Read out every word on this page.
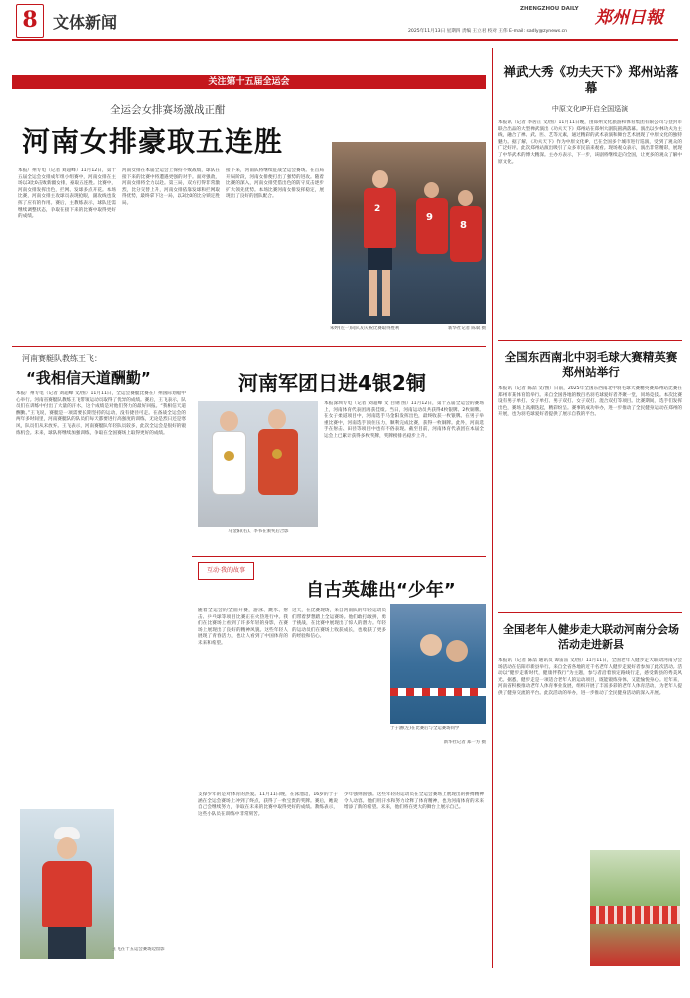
8 文体新闻
ZHENGZHOU DAILY 郑州日報
2025年11月13日 星期四 责编 王立君 校对 王伟 E-mail: sadly@zynews.cn
关注第十五届全运会
全运会女排赛场激战正酣
河南女排豪取五连胜
本报广州专电（记者 刘超峰）11月12日，第十五届全运会女排成年组小组赛中，河南女排在主场以3比0击败新疆女排，豪取五连胜。比赛中，河南女排发挥出色，拦网、发球多点开花。本场比赛，河南女排主攻球员表现抢眼，副攻线也发挥了应有的作用。赛后，主教练表示，球队还需继续调整状态，争取在接下来的比赛中取得更好的成绩。
河南女排在本届全运会上保持不败战绩，球队在接下来的比赛中将遭遇更强的对手。面对强敌，河南女排将全力以赴。第三局，双方打得非常激烈，比分交替上升，河南女排依靠发球和拦网取得优势，最终拿下这一局，以3比0的比分锁定胜局。
接下来，河南队将继续征战全运会赛场。在首局开局阶段，河南女排便打出了强势的进攻。随着比赛的深入，河南女排凭借出色的防守反击逐步扩大领先优势。本场比赛河南女排发挥稳定，展现出了良好的团队配合。
2
9
8
朱婷(左一)向队友庆祝比赛取得胜利	新华社记者 陈斌 摄
河南赛艇队教练王飞：
“我相信天道酬勤”
本报广州专电（记者 刘超峰 文/图）11月11日，全运会赛艇比赛在广州国际划船中心举行。河南省赛艇队教练王飞带领运动员取得了优异的成绩。赛后，王飞表示，队员们在训练中付出了大量的汗水，这个成绩是对他们努力的最好回报。“我相信天道酬勤。”王飞说，赛艇是一项需要长期坚持的运动，没有捷径可走。在备战全运会的两年多时间里，河南赛艇队的队员们每天都要进行高强度的训练，无论是烈日还是寒风，队员们从未放弃。王飞表示，河南赛艇队年轻队员较多，此次全运会是很好的锻炼机会。未来，球队将继续加强训练，争取在全国赛场上取得更好的成绩。
王飞在十五运会赛场边留影
河南军团日进4银2铜
马金阳(右)、李书在颁奖后合影
本报深圳专电（记者 刘超峰 文 白钢 图）11月12日，第十五届全运会的赛场上，河南体育代表团再获佳绩。当日，河南运动员共获得4枚银牌、2枚铜牌。在女子柔道项目中，河南选手马金阳发挥出色，最终收获一枚银牌。在男子举重比赛中，河南选手顶住压力，顺利完成比赛，获得一枚铜牌。此外，河南选手在射击、田径等项目中也有不俗表现。截至目前，河南体育代表团在本届全运会上已累计获得多枚奖牌，奖牌榜排名稳步上升。
互动·我的故事
自古英雄出“少年”
随着全运会的全面开赛，游泳、跳水、射击、乒乓球等项目比赛正在火热进行中。我们在比赛场上看到了许多年轻的身影，在赛场上展现出了良好的精神风貌。这些年轻人展现了青春活力，也让人看到了中国体育的未来和希望。
这天，在比赛现场，来自河南队的年轻运动员们带着梦想踏上全运赛场。他们敢打敢拼，勇于挑战，在比赛中展现出了惊人的潜力。年轻的运动员们在赛场上收获成长，也收获了更多的经验和信心。
于子涵(左)在比赛后与全运赛场同学
新华社记者 郑一方 摄
支撑少年的是对体育的热爱。11月11日晚，在泳池边，16岁的于子涵在全运会赛场上冲到了终点，获得了一枚宝贵的奖牌。赛后，她说自己会继续努力，争取在未来的比赛中取得更好的成绩。教练表示，这些小队员在训练中非常刻苦。
少年强则国强。这些年轻的运动员在全运会赛场上展现出的拼搏精神令人动容。他们用汗水和努力诠释了体育精神，也为河南体育的未来增添了新的希望。未来，他们将在更大的舞台上展示自己。
禅武大秀《功夫天下》郑州站落幕
中原文化IP开启全国巡演
本报讯（记者 李居正 文/图）11月11日晚，由郑州文化旅游和体育集团有限公司与登封市联合出品的大型禅武演出《功夫天下》郑州站在郑州大剧院圆满落幕。演出以少林功夫为主线，融合了禅、武、医、艺等元素，通过精彩的武术表演和舞台艺术展现了中原文化的独特魅力。据了解，《功夫天下》作为中原文化IP，已在全国多个城市进行巡演，受到了观众的广泛好评。此次郑州站演出吸引了众多市民前来观看。现场观众表示，演出非常精彩，展现了中华武术的博大精深。主办方表示，下一步，该剧将继续走向全国，让更多的观众了解中原文化。
全国东西南北中羽毛球大赛精英赛郑州站举行
本报讯（记者 陈喆 文/图）日前，2025年全国东西南北中羽毛球大赛精英赛郑州站比赛在郑州市某体育馆举行。来自全国各地的数百名羽毛球爱好者齐聚一堂，同场竞技。本次比赛设有男子单打、女子单打、男子双打、女子双打、混合双打等项目。比赛期间，选手们发挥出色，赛场上高潮迭起，精彩纷呈。赛事的成功举办，进一步推动了全民健身运动在郑州的开展，也为羽毛球爱好者提供了展示自我的平台。
全国老年人健步走大联动河南分会场活动走进新县
本报讯（记者 陈喆 通讯员 谭雷雷 文/图）11月11日，全国老年人健步走大联动河南分会场活动在信阳市新县举行。来自全省各地的近千名老年人健步走爱好者参加了此次活动。活动以“健步走新时代，健康伴我行”为主题，参与者沿着预定路线行走，感受新县的秀美风光。据悉，健步走是一项适合老年人的运动项目，既能锻炼身体，又能愉悦身心。近年来，河南省积极推动老年人体育事业发展，组织开展了丰富多彩的老年人体育活动，为老年人提供了健身交流的平台。此次活动的举办，进一步推动了全民健身活动的深入开展。
